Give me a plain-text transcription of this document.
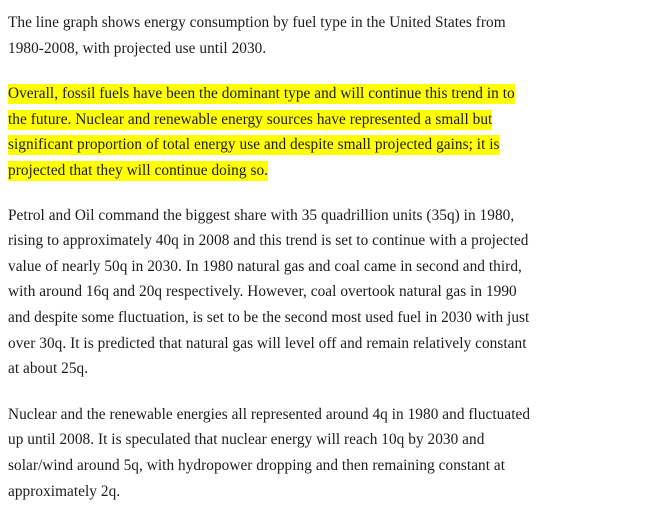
The line graph shows energy consumption by fuel type in the United States from
1980-2008, with projected use until 2030.

Overall, fossil fuels have been the dominant type and will continue this trend in to
the future. Nuclear and renewable energy sources have represented a small but
significant proportion of total energy use and despite small projected gains; it is
projected that they will continue doing so.

Petrol and Oil command the biggest share with 35 quadrillion units (35q) in 1980,
rising to approximately 40q in 2008 and this trend is set to continue with a projected
value of nearly 50q in 2030. In 1980 natural gas and coal came in second and third,
with around 16q and 20q respectively. However, coal overtook natural gas in 1990
and despite some fluctuation, is set to be the second most used fuel in 2030 with just
over 30q. It is predicted that natural gas will level off and remain relatively constant
at about 25q.

Nuclear and the renewable energies all represented around 4q in 1980 and fluctuated
up until 2008. It is speculated that nuclear energy will reach 10q by 2030 and
solar/wind around 5q, with hydropower dropping and then remaining constant at
approximately 2q.
